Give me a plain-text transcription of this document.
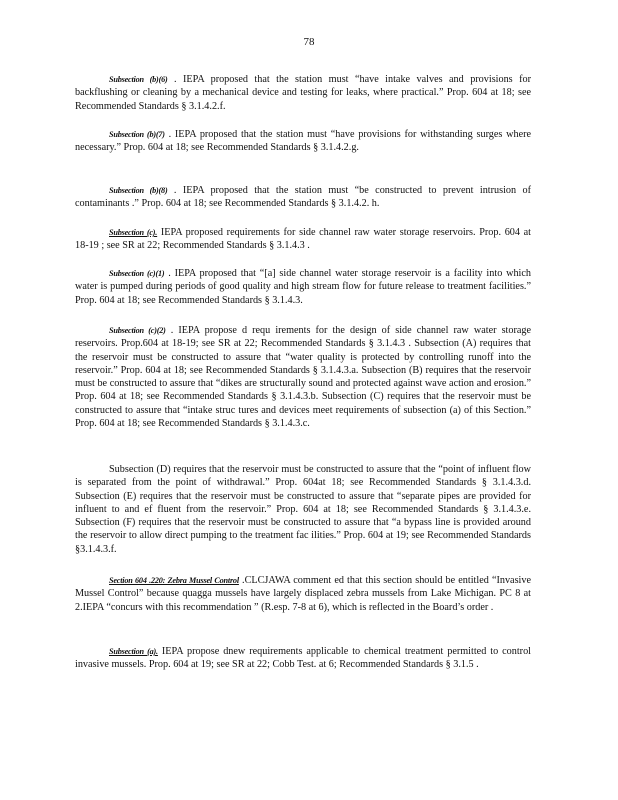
78
Subsection (b)(6) . IEPA proposed that the station must “have intake valves and provisions for backflushing or cleaning by a mechanical device and testing for leaks, where practical.” Prop. 604 at 18; see Recommended Standards § 3.1.4.2.f.
Subsection (b)(7) . IEPA proposed that the station must “have provisions for withstanding surges where necessary.” Prop. 604 at 18; see Recommended Standards § 3.1.4.2.g.
Subsection (b)(8) . IEPA proposed that the station must “be constructed to prevent intrusion of contaminants .” Prop. 604 at 18; see Recommended Standards § 3.1.4.2. h.
Subsection (c). IEPA proposed requirements for side channel raw water storage reservoirs. Prop. 604 at 18-19 ; see SR at 22; Recommended Standards § 3.1.4.3 .
Subsection (c)(1) . IEPA proposed that “[a] side channel water storage reservoir is a facility into which water is pumped during periods of good quality and high stream flow for future release to treatment facilities.” Prop. 604 at 18; see Recommended Standards § 3.1.4.3.
Subsection (c)(2) . IEPA propose d requ irements for the design of side channel raw water storage reservoirs. Prop.604 at 18-19; see SR at 22; Recommended Standards § 3.1.4.3 . Subsection (A) requires that the reservoir must be constructed to assure that “water quality is protected by controlling runoff into the reservoir.” Prop. 604 at 18; see Recommended Standards § 3.1.4.3.a. Subsection (B) requires that the reservoir must be constructed to assure that “dikes are structurally sound and protected against wave action and erosion.” Prop. 604 at 18; see Recommended Standards § 3.1.4.3.b. Subsection (C) requires that the reservoir must be constructed to assure that “intake struc tures and devices meet requirements of subsection (a) of this Section.” Prop. 604 at 18; see Recommended Standards § 3.1.4.3.c.
Subsection (D) requires that the reservoir must be constructed to assure that the “point of influent flow is separated from the point of withdrawal.” Prop. 604at 18; see Recommended Standards § 3.1.4.3.d. Subsection (E) requires that the reservoir must be constructed to assure that “separate pipes are provided for influent to and ef fluent from the reservoir.” Prop. 604 at 18; see Recommended Standards § 3.1.4.3.e. Subsection (F) requires that the reservoir must be constructed to assure that “a bypass line is provided around the reservoir to allow direct pumping to the treatment fac ilities.” Prop. 604 at 19; see Recommended Standards §3.1.4.3.f.
Section 604 .220: Zebra Mussel Control .CLCJAWA comment ed that this section should be entitled “Invasive Mussel Control” because quagga mussels have largely displaced zebra mussels from Lake Michigan. PC 8 at 2.IEPA “concurs with this recommendation ” (R.esp. 7-8 at 6), which is reflected in the Board’s order .
Subsection (a). IEPA propose dnew requirements applicable to chemical treatment permitted to control invasive mussels. Prop. 604 at 19; see SR at 22; Cobb Test. at 6; Recommended Standards § 3.1.5 .
